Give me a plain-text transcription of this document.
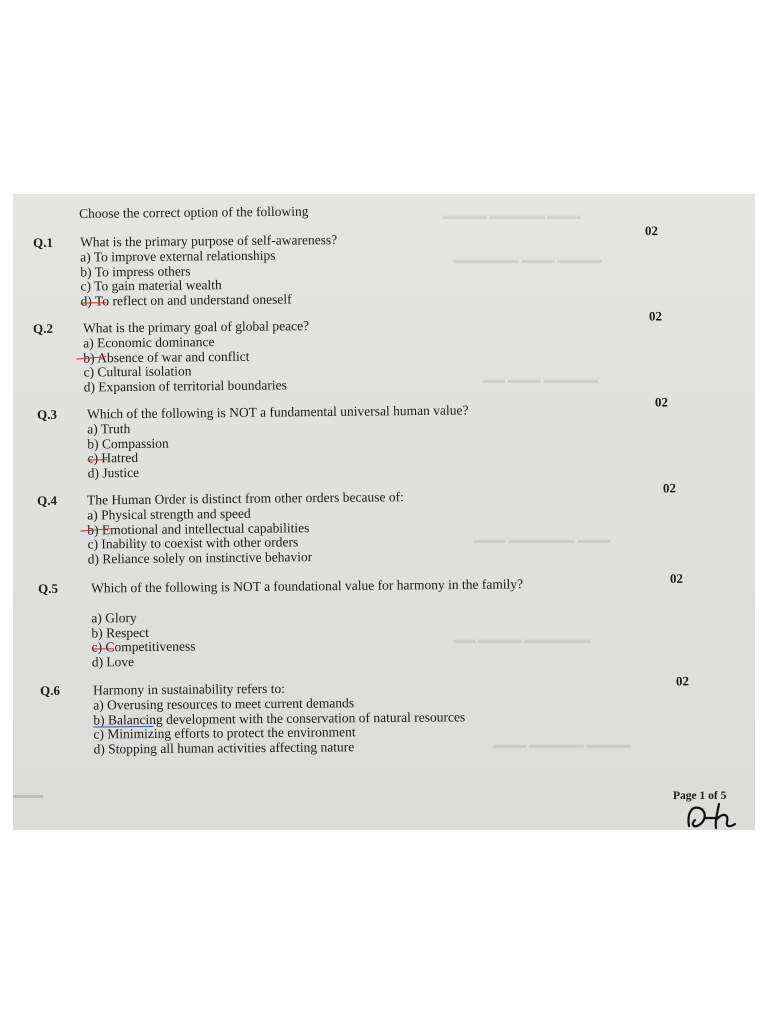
▬▬▬ ▬▬▬▬▬ ▬▬▬▬
▬▬▬▬ ▬▬▬ ▬▬▬▬▬▬
▬▬▬▬▬ ▬▬▬ ▬▬
▬▬▬ ▬▬▬▬▬▬ ▬▬▬
▬▬▬▬▬▬ ▬▬▬▬ ▬▬
▬▬▬▬ ▬▬▬▬▬ ▬▬▬

Choose the correct option of the following

Q.1 What is the primary purpose of self-awareness?
02
a) To improve external relationships
b) To impress others
c) To gain material wealth
d) To reflect on and understand oneself
Q.2 What is the primary goal of global peace?
02
a) Economic dominance
b) Absence of war and conflict
c) Cultural isolation
d) Expansion of territorial boundaries
Q.3 Which of the following is NOT a fundamental universal human value?
02
a) Truth
b) Compassion
c) Hatred
d) Justice
Q.4 The Human Order is distinct from other orders because of:
02
a) Physical strength and speed
b) Emotional and intellectual capabilities
c) Inability to coexist with other orders
d) Reliance solely on instinctive behavior
Q.5 Which of the following is NOT a foundational value for harmony in the family?	02
a) Glory
b) Respect
c) Competitiveness
d) Love
Q.6 Harmony in sustainability refers to:	02
a) Overusing resources to meet current demands
b) Balancing development with the conservation of natural resources
c) Minimizing efforts to protect the environment
d) Stopping all human activities affecting nature
▬▬▬	Page 1 of 5
